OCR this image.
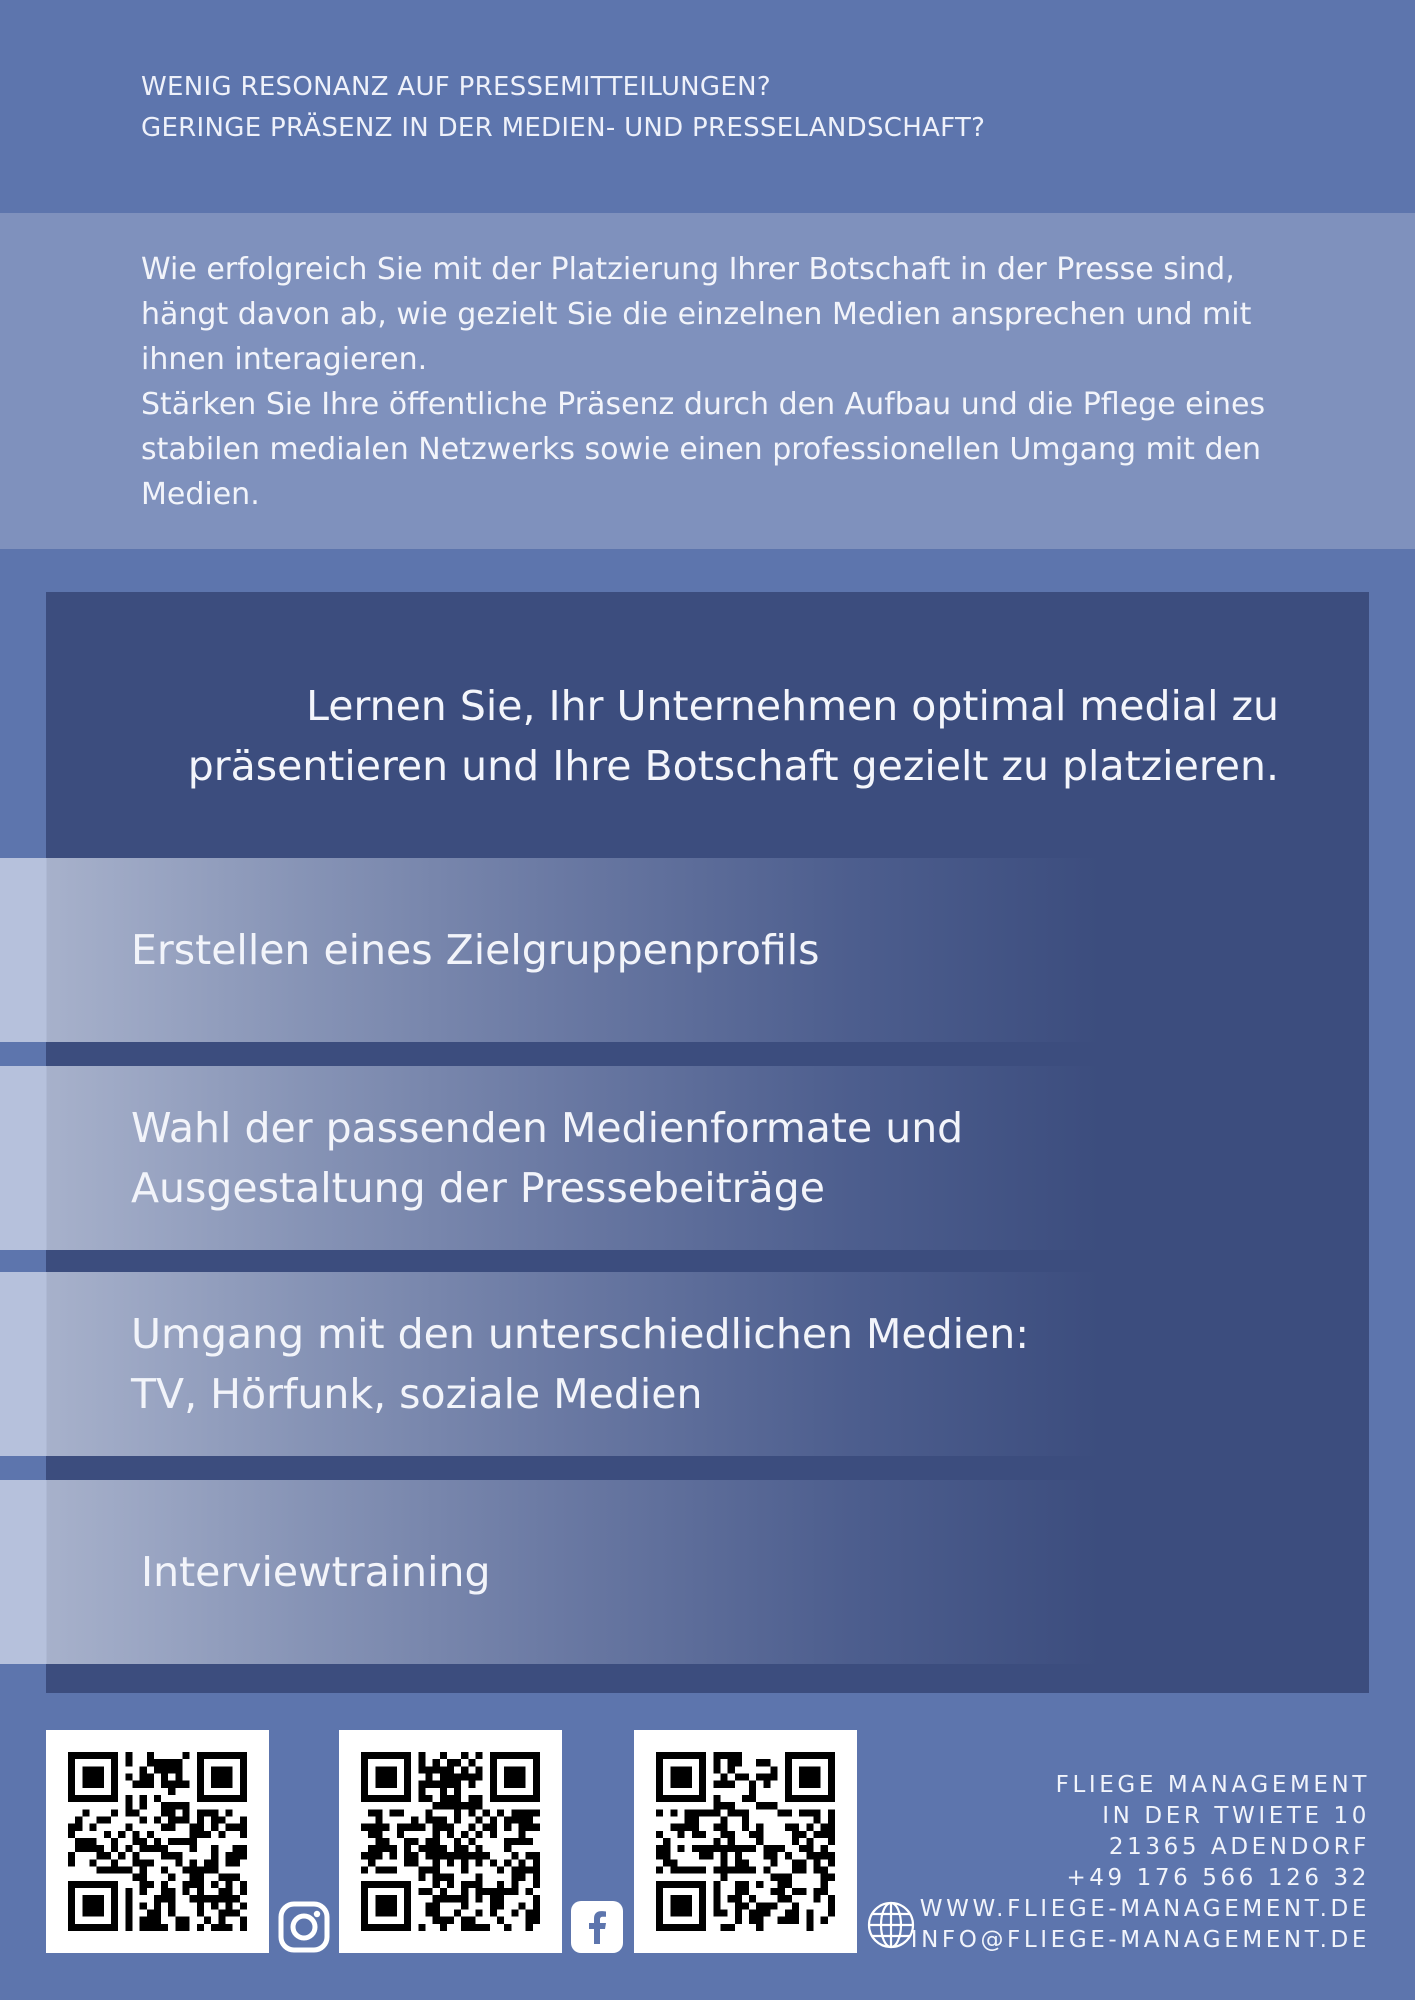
WENIG RESONANZ AUF PRESSEMITTEILUNGEN?
GERINGE PRÄSENZ IN DER MEDIEN- UND PRESSELANDSCHAFT?

Wie erfolgreich Sie mit der Platzierung Ihrer Botschaft in der Presse sind,
hängt davon ab, wie gezielt Sie die einzelnen Medien ansprechen und mit
ihnen interagieren.
Stärken Sie Ihre öffentliche Präsenz durch den Aufbau und die Pflege eines
stabilen medialen Netzwerks sowie einen professionellen Umgang mit den
Medien.

Lernen Sie, Ihr Unternehmen optimal medial zu
präsentieren und Ihre Botschaft gezielt zu platzieren.

Erstellen eines Zielgruppenprofils
Wahl der passenden Medienformate und
Ausgestaltung der Pressebeiträge
Umgang mit den unterschiedlichen Medien:
TV, Hörfunk, soziale Medien
Interviewtraining
FLIEGE MANAGEMENT
IN DER TWIETE 10
21365 ADENDORF
+49 176 566 126 32
WWW.FLIEGE-MANAGEMENT.DE
INFO@FLIEGE-MANAGEMENT.DE
